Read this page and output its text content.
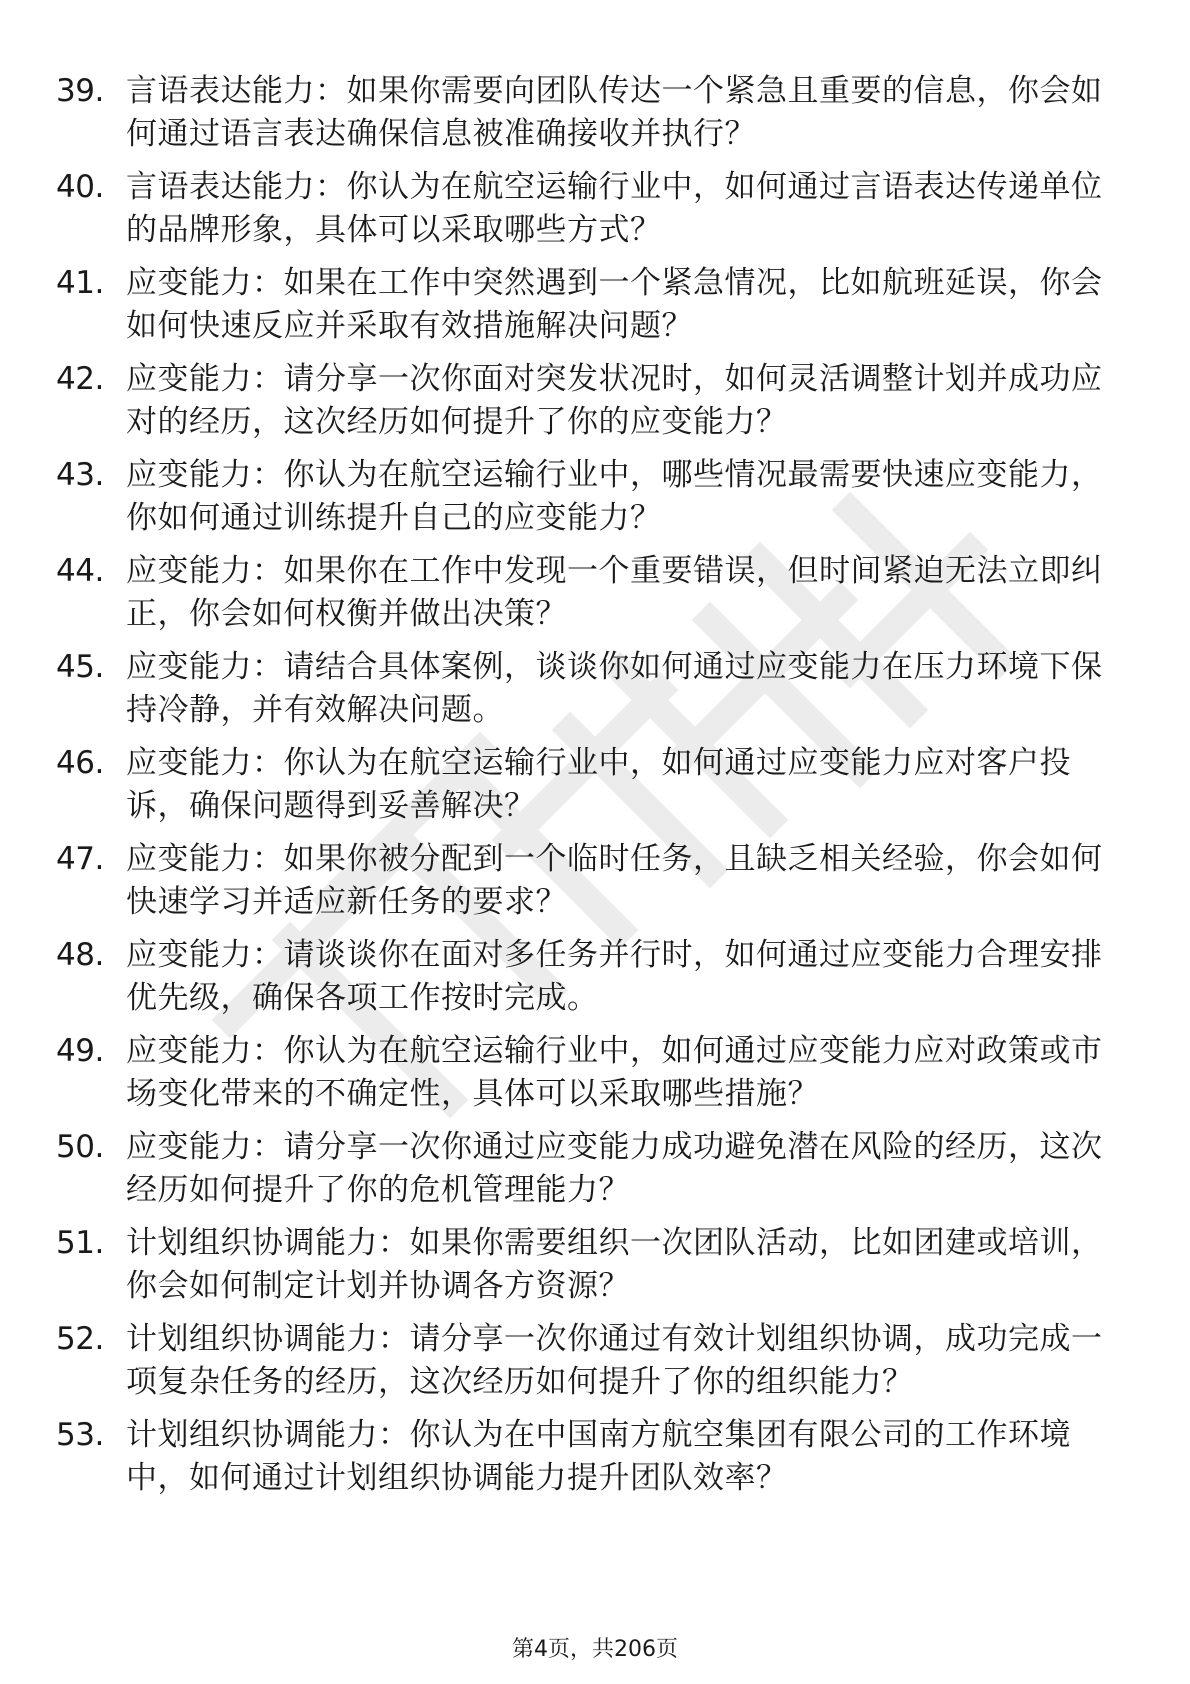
39. 言语表达能力：如果你需要向团队传达一个紧急且重要的信息，你会如何通过语言表达确保信息被准确接收并执行？
40. 言语表达能力：你认为在航空运输行业中，如何通过言语表达传递单位的品牌形象，具体可以采取哪些方式？
41. 应变能力：如果在工作中突然遇到一个紧急情况，比如航班延误，你会如何快速反应并采取有效措施解决问题？
42. 应变能力：请分享一次你面对突发状况时，如何灵活调整计划并成功应对的经历，这次经历如何提升了你的应变能力？
43. 应变能力：你认为在航空运输行业中，哪些情况最需要快速应变能力，你如何通过训练提升自己的应变能力？
44. 应变能力：如果你在工作中发现一个重要错误，但时间紧迫无法立即纠正，你会如何权衡并做出决策？
45. 应变能力：请结合具体案例，谈谈你如何通过应变能力在压力环境下保持冷静，并有效解决问题。
46. 应变能力：你认为在航空运输行业中，如何通过应变能力应对客户投诉，确保问题得到妥善解决？
47. 应变能力：如果你被分配到一个临时任务，且缺乏相关经验，你会如何快速学习并适应新任务的要求？
48. 应变能力：请谈谈你在面对多任务并行时，如何通过应变能力合理安排优先级，确保各项工作按时完成。
49. 应变能力：你认为在航空运输行业中，如何通过应变能力应对政策或市场变化带来的不确定性，具体可以采取哪些措施？
50. 应变能力：请分享一次你通过应变能力成功避免潜在风险的经历，这次经历如何提升了你的危机管理能力？
51. 计划组织协调能力：如果你需要组织一次团队活动，比如团建或培训，你会如何制定计划并协调各方资源？
52. 计划组织协调能力：请分享一次你通过有效计划组织协调，成功完成一项复杂任务的经历，这次经历如何提升了你的组织能力？
53. 计划组织协调能力：你认为在中国南方航空集团有限公司的工作环境中，如何通过计划组织协调能力提升团队效率？
第4页，共206页
